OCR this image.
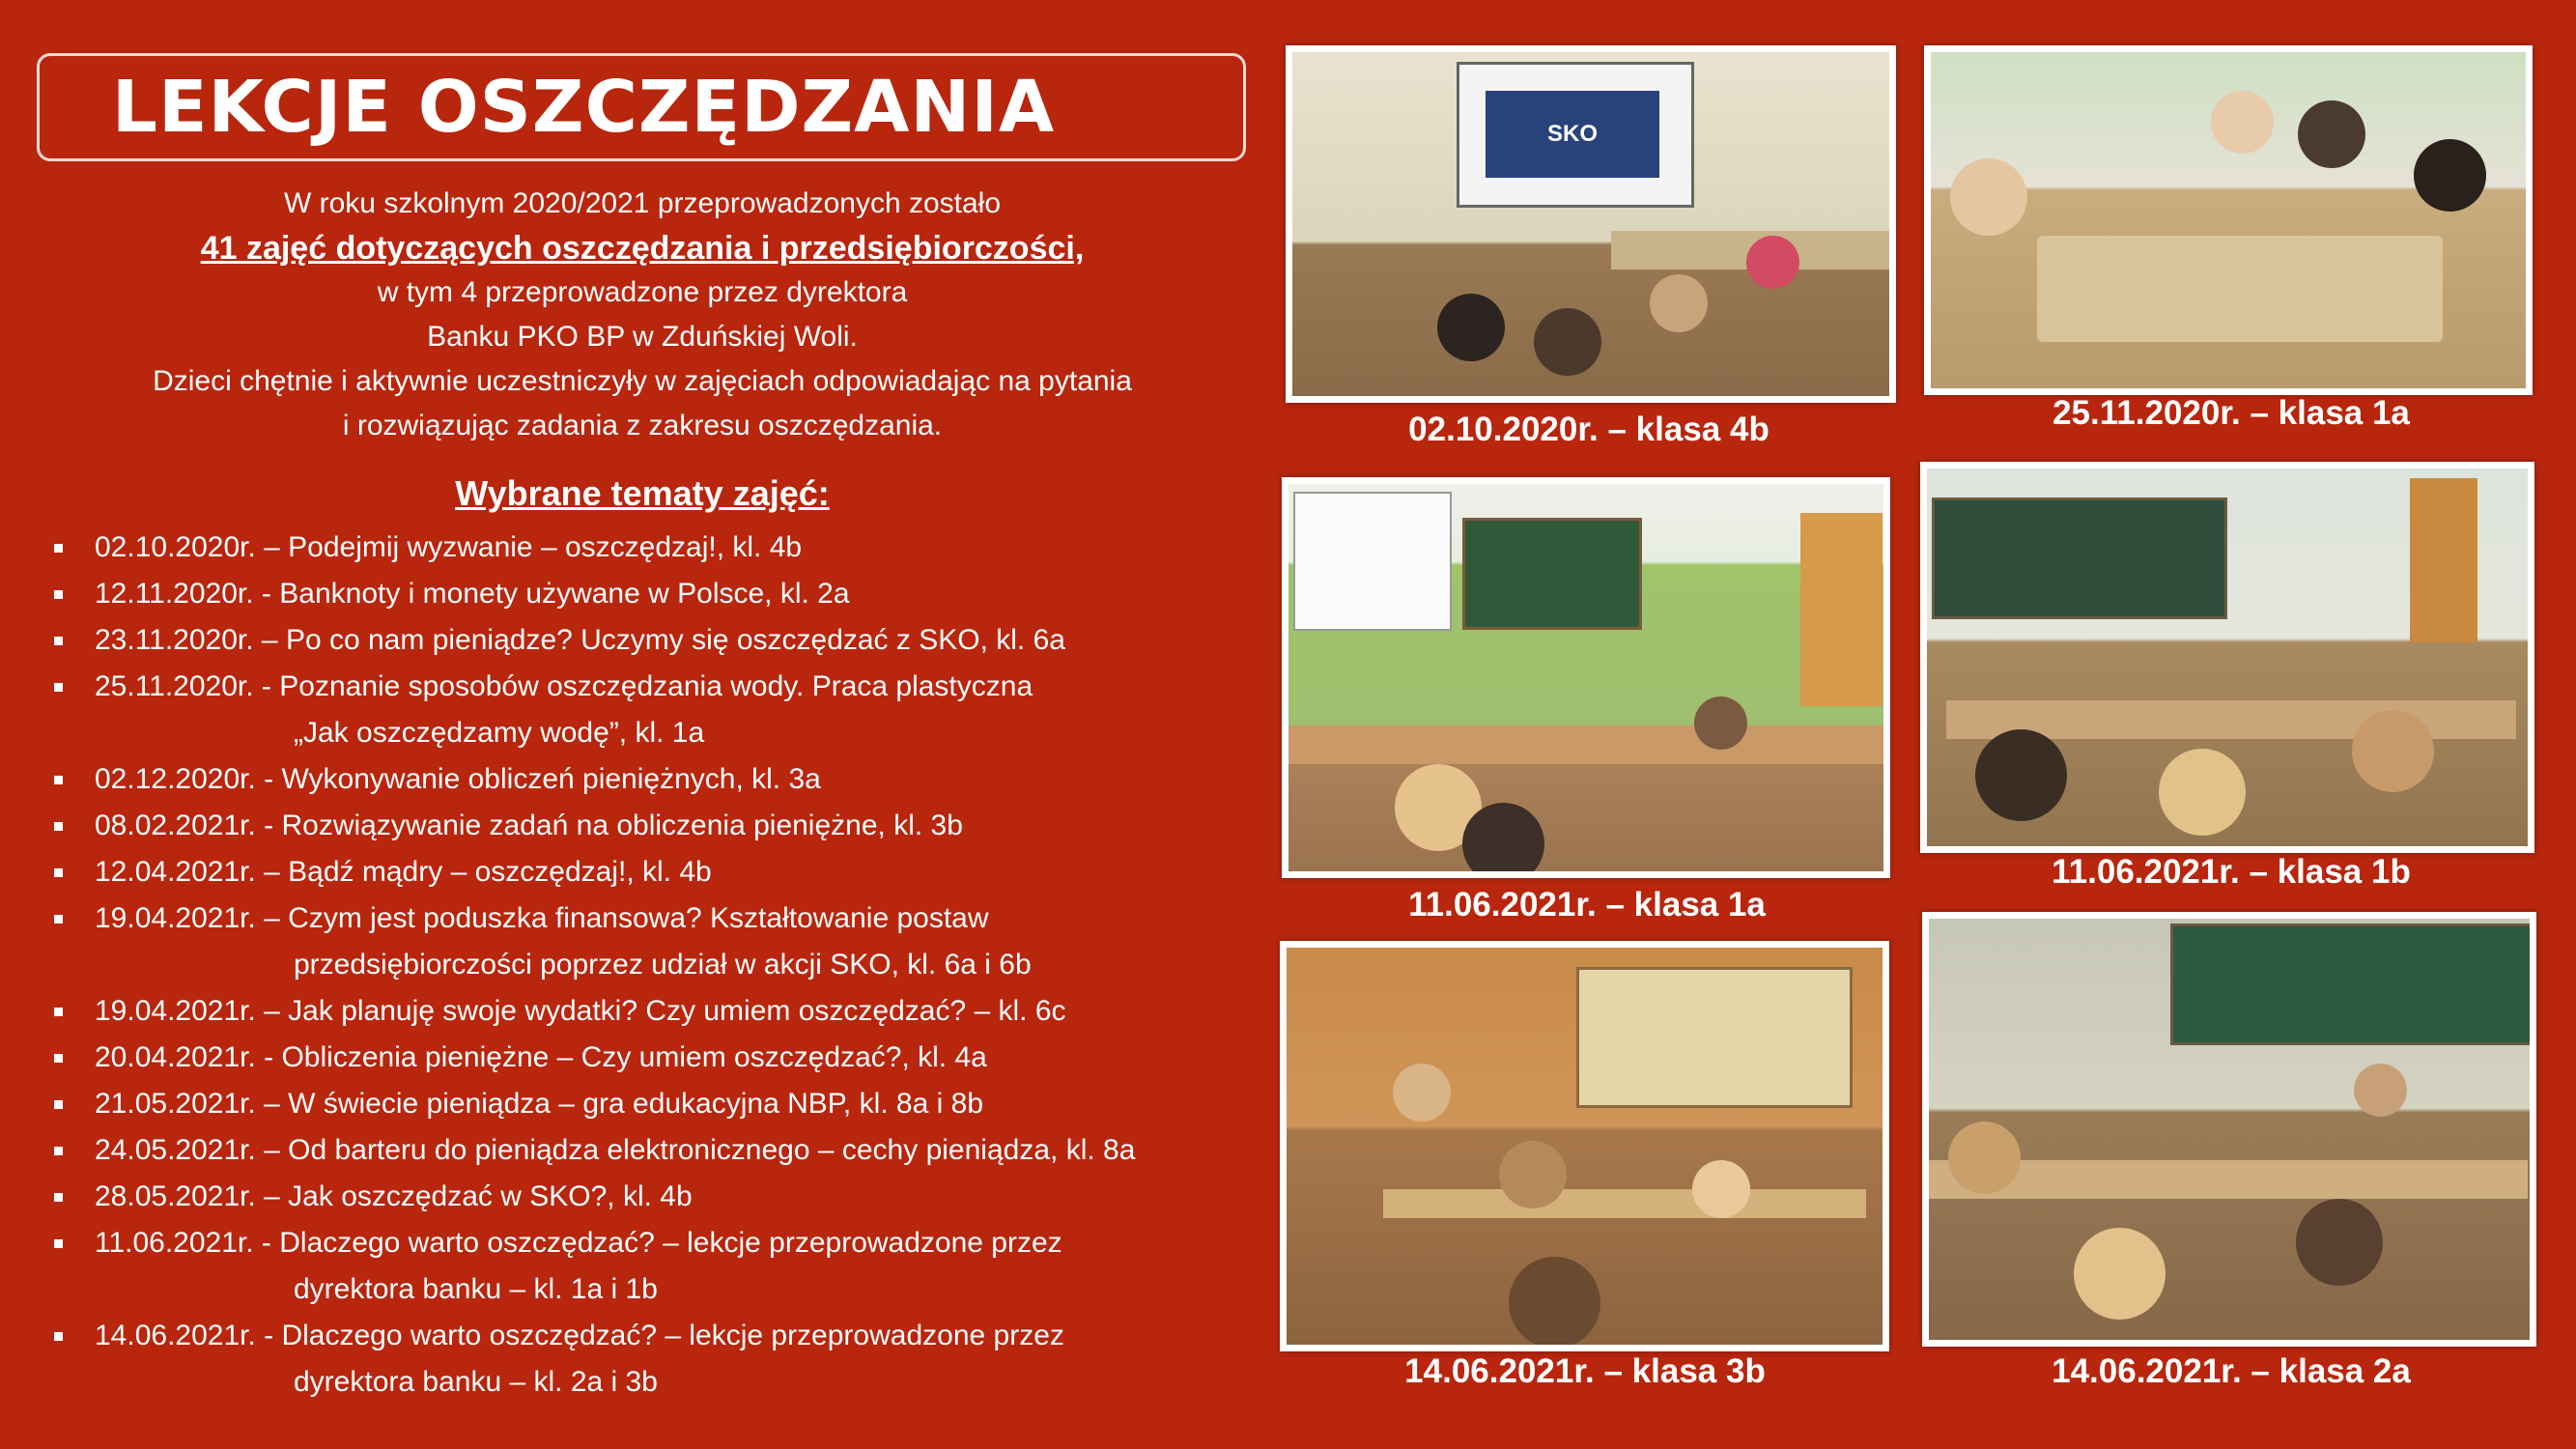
LEKCJE OSZCZĘDZANIA
W roku szkolnym 2020/2021 przeprowadzonych zostało
41 zajęć dotyczących oszczędzania i przedsiębiorczości,
w tym 4 przeprowadzone przez dyrektora
Banku PKO BP w Zduńskiej Woli.
Dzieci chętnie i aktywnie uczestniczyły w zajęciach odpowiadając na pytania
i rozwiązując zadania z zakresu oszczędzania.
Wybrane tematy zajęć:
02.10.2020r. – Podejmij wyzwanie – oszczędzaj!, kl. 4b
12.11.2020r. - Banknoty i monety używane w Polsce, kl. 2a
23.11.2020r. – Po co nam pieniądze? Uczymy się oszczędzać z SKO, kl. 6a
25.11.2020r. - Poznanie sposobów oszczędzania wody. Praca plastyczna
„Jak oszczędzamy wodę”, kl. 1a
02.12.2020r. - Wykonywanie obliczeń pieniężnych, kl. 3a
08.02.2021r. - Rozwiązywanie zadań na obliczenia pieniężne, kl. 3b
12.04.2021r. – Bądź mądry – oszczędzaj!, kl. 4b
19.04.2021r. – Czym jest poduszka finansowa? Kształtowanie postaw
przedsiębiorczości poprzez udział w akcji SKO, kl. 6a i 6b
19.04.2021r. – Jak planuję swoje wydatki? Czy umiem oszczędzać? – kl. 6c
20.04.2021r. - Obliczenia pieniężne – Czy umiem oszczędzać?, kl. 4a
21.05.2021r. – W świecie pieniądza – gra edukacyjna NBP, kl. 8a i 8b
24.05.2021r. – Od barteru do pieniądza elektronicznego – cechy pieniądza, kl. 8a
28.05.2021r. – Jak oszczędzać w SKO?, kl. 4b
11.06.2021r. - Dlaczego warto oszczędzać? – lekcje przeprowadzone przez
dyrektora banku – kl. 1a i 1b
14.06.2021r. - Dlaczego warto oszczędzać? – lekcje przeprowadzone przez
dyrektora banku – kl. 2a i 3b
SKO
02.10.2020r. – klasa 4b	25.11.2020r. – klasa 1a
11.06.2021r. – klasa 1a
11.06.2021r. – klasa 1b
14.06.2021r. – klasa 3b	14.06.2021r. – klasa 2a
